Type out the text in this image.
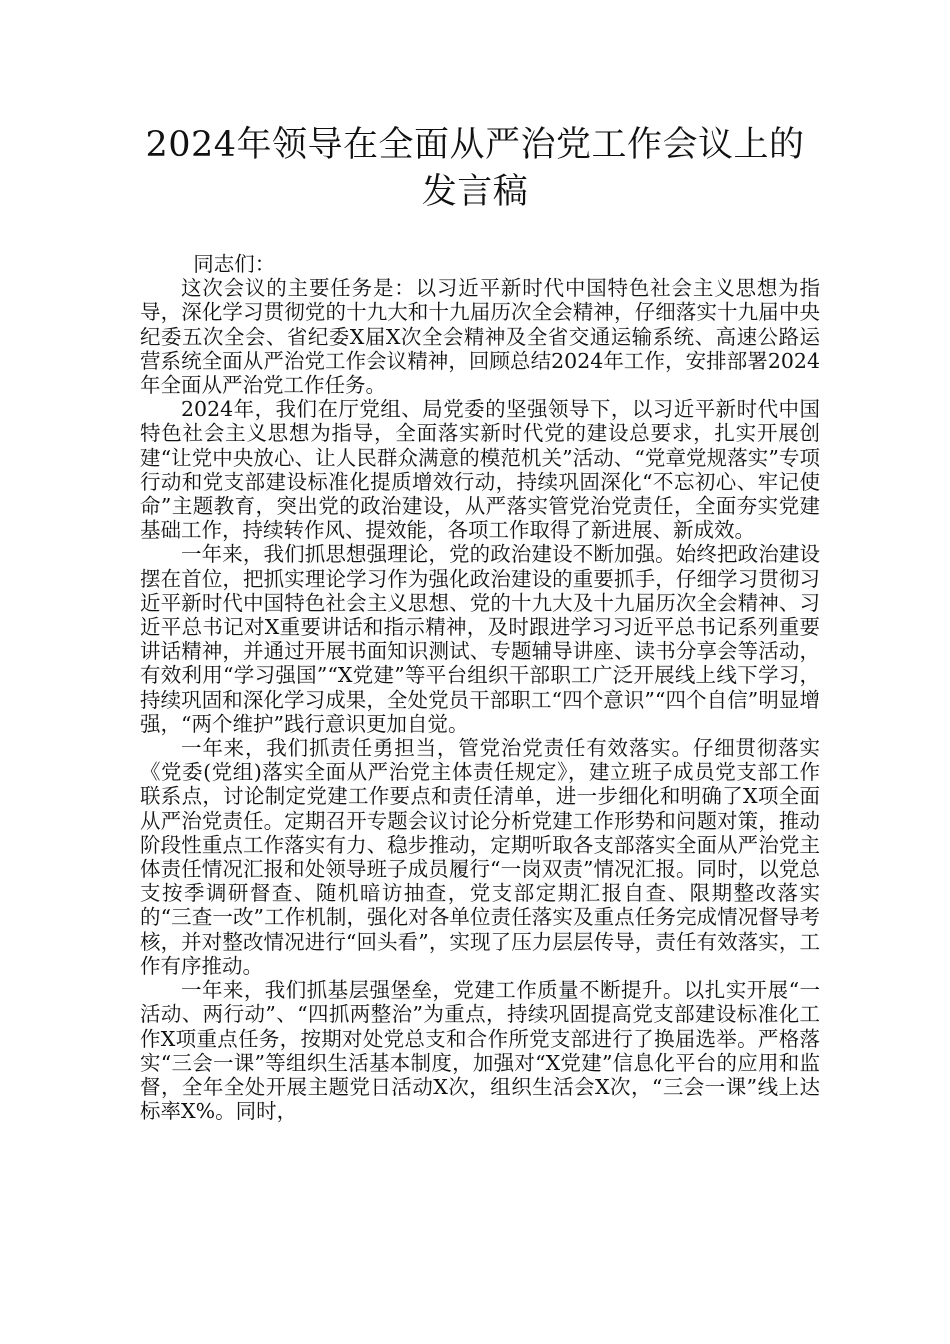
2024年领导在全面从严治党工作会议上的
发言稿

同志们：

这次会议的主要任务是：以习近平新时代中国特色社会主义思想为指导，深化学习贯彻党的十九大和十九届历次全会精神，仔细落实十九届中央纪委五次全会、省纪委X届X次全会精神及全省交通运输系统、高速公路运营系统全面从严治党工作会议精神，回顾总结2024年工作，安排部署2024年全面从严治党工作任务。

2024年，我们在厅党组、局党委的坚强领导下，以习近平新时代中国特色社会主义思想为指导，全面落实新时代党的建设总要求，扎实开展创建“让党中央放心、让人民群众满意的模范机关”活动、“党章党规落实”专项行动和党支部建设标准化提质增效行动，持续巩固深化“不忘初心、牢记使命”主题教育，突出党的政治建设，从严落实管党治党责任，全面夯实党建基础工作，持续转作风、提效能，各项工作取得了新进展、新成效。

一年来，我们抓思想强理论，党的政治建设不断加强。始终把政治建设摆在首位，把抓实理论学习作为强化政治建设的重要抓手，仔细学习贯彻习近平新时代中国特色社会主义思想、党的十九大及十九届历次全会精神、习近平总书记对X重要讲话和指示精神，及时跟进学习习近平总书记系列重要讲话精神，并通过开展书面知识测试、专题辅导讲座、读书分享会等活动，有效利用“学习强国”“X党建”等平台组织干部职工广泛开展线上线下学习，持续巩固和深化学习成果，全处党员干部职工“四个意识”“四个自信”明显增强，“两个维护”践行意识更加自觉。

一年来，我们抓责任勇担当，管党治党责任有效落实。仔细贯彻落实《党委(党组)落实全面从严治党主体责任规定》，建立班子成员党支部工作联系点，讨论制定党建工作要点和责任清单，进一步细化和明确了X项全面从严治党责任。定期召开专题会议讨论分析党建工作形势和问题对策，推动阶段性重点工作落实有力、稳步推动，定期听取各支部落实全面从严治党主体责任情况汇报和处领导班子成员履行“一岗双责”情况汇报。同时，以党总支按季调研督查、随机暗访抽查，党支部定期汇报自查、限期整改落实的“三查一改”工作机制，强化对各单位责任落实及重点任务完成情况督导考核，并对整改情况进行“回头看”，实现了压力层层传导，责任有效落实，工作有序推动。

一年来，我们抓基层强堡垒，党建工作质量不断提升。以扎实开展“一活动、两行动”、“四抓两整治”为重点，持续巩固提高党支部建设标准化工作X项重点任务，按期对处党总支和合作所党支部进行了换届选举。严格落实“三会一课”等组织生活基本制度，加强对“X党建”信息化平台的应用和监督，全年全处开展主题党日活动X次，组织生活会X次，“三会一课”线上达标率X%。同时，
